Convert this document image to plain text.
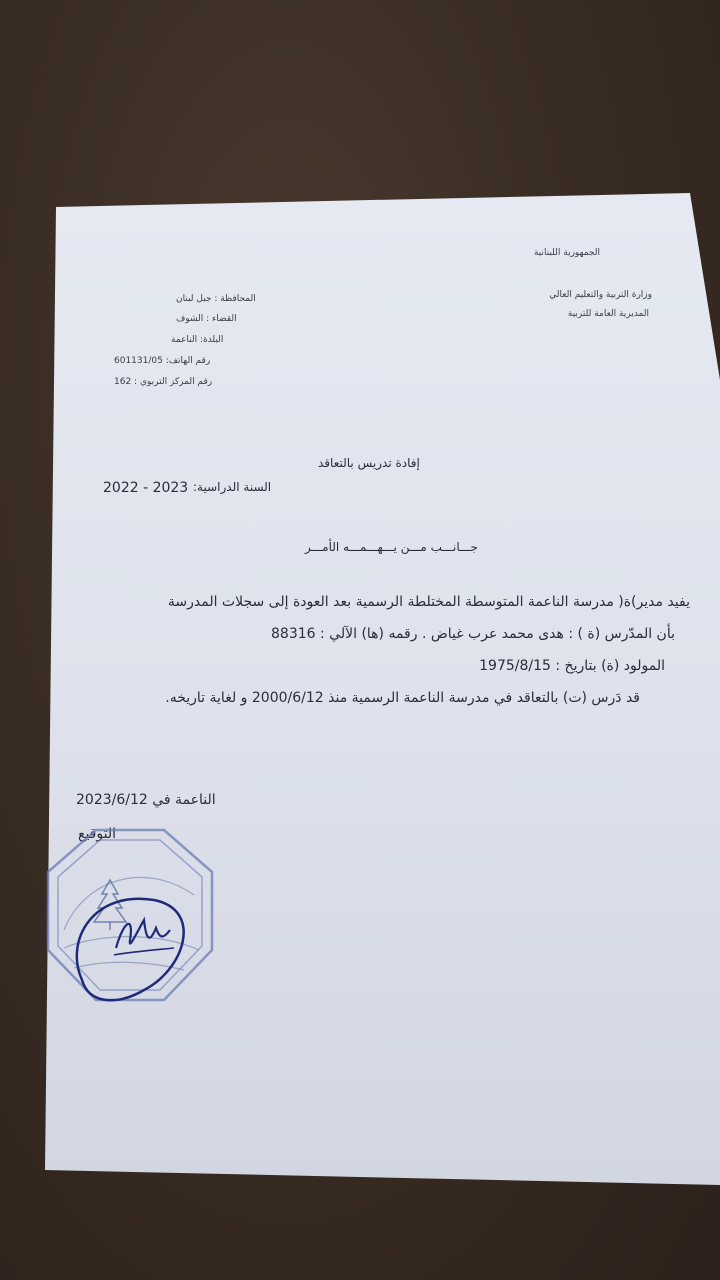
الجمهورية اللبنانية
وزارة التربية والتعليم العالي
المديرية العامة للتربية
المحافظة : جبل لبنان
القضاء : الشوف
البلدة: الناعمة
رقم الهاتف: 601131/05
رقم المركز التربوي : 162
إفادة تدريس بالتعاقد
السنة الدراسية:
2022 - 2023
جـــانـــب مـــن يـــهـــمـــه الأمـــر
يفيد مدير)ة( مدرسة الناعمة المتوسطة المختلطة الرسمية بعد العودة إلى سجلات المدرسة
بأن المدّرس (ة ) : هدى محمد عرب غياض . رقمه (ها) الآلي : 88316
المولود (ة) بتاريخ : 1975/8/15
قد دَرس (ت) بالتعاقد في مدرسة الناعمة الرسمية منذ 2000/6/12 و لغاية تاريخه.
الناعمة في 2023/6/12
التوقيع
